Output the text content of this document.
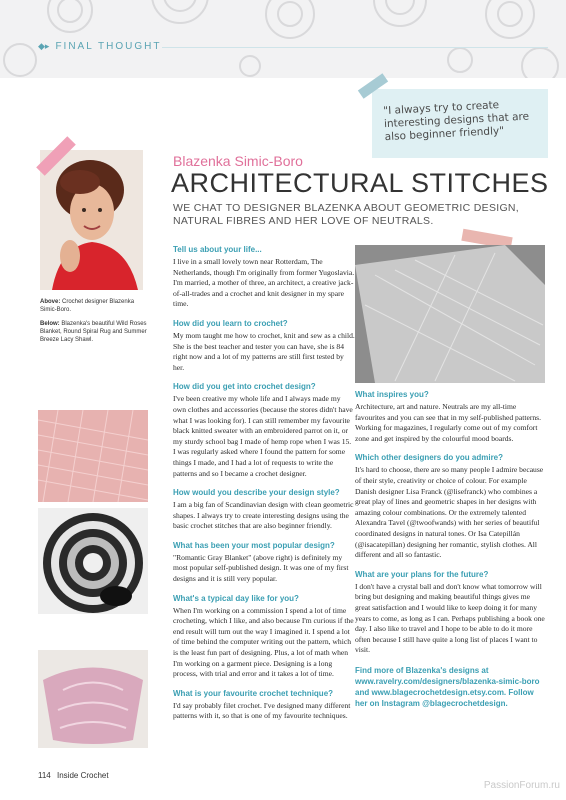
◆▸ FINAL THOUGHT
"I always try to create interesting designs that are also beginner friendly"
Above: Crochet designer Blazenka Simic-Boro.
Below: Blazenka's beautiful Wild Roses Blanket, Round Spiral Rug and Summer Breeze Lacy Shawl.
Blazenka Simic-Boro
ARCHITECTURAL STITCHES
WE CHAT TO DESIGNER BLAZENKA ABOUT GEOMETRIC DESIGN, NATURAL FIBRES AND HER LOVE OF NEUTRALS.

Tell us about your life...

I live in a small lovely town near Rotterdam, The Netherlands, though I'm originally from former Yugoslavia. I'm married, a mother of three, an architect, a creative jack-of-all-trades and a crochet and knit designer in my spare time.

How did you learn to crochet?

My mom taught me how to crochet, knit and sew as a child. She is the best teacher and tester you can have, she is 84 right now and a lot of my patterns are still first tested by her.

How did you get into crochet design?

I've been creative my whole life and I always made my own clothes and accessories (because the stores didn't have what I was looking for). I can still remember my favourite black knitted sweater with an embroidered parrot on it, or my sturdy school bag I made of hemp rope when I was 15. I was regularly asked where I found the pattern for some things I made, and I had a lot of requests to write the patterns and so I became a crochet designer.

How would you describe your design style?

I am a big fan of Scandinavian design with clean geometric shapes. I always try to create interesting designs using the basic crochet stitches that are also beginner friendly.

What has been your most popular design?

"Romantic Gray Blanket" (above right) is definitely my most popular self-published design. It was one of my first designs and it is still very popular.

What's a typical day like for you?

When I'm working on a commission I spend a lot of time crocheting, which I like, and also because I'm curious if the end result will turn out the way I imagined it. I spend a lot of time behind the computer writing out the pattern, which is the least fun part of designing. Plus, a lot of math when I'm working on a garment piece. Designing is a long process, with trial and error and it takes a lot of time.

What is your favourite crochet technique?

I'd say probably filet crochet. I've designed many different patterns with it, so that is one of my favourite techniques.

What inspires you?

Architecture, art and nature. Neutrals are my all-time favourites and you can see that in my self-published patterns. Working for magazines, I regularly come out of my comfort zone and get inspired by the colourful mood boards.

Which other designers do you admire?

It's hard to choose, there are so many people I admire because of their style, creativity or choice of colour. For example Danish designer Lisa Franck (@lisefranck) who combines a great play of lines and geometric shapes in her designs with amazing colour combinations. Or the extremely talented Alexandra Tavel (@twoofwands) with her series of beautiful coordinated designs in natural tones. Or Isa Catepillán (@isacatepillan) designing her romantic, stylish clothes. All different and all so fantastic.

What are your plans for the future?

I don't have a crystal ball and don't know what tomorrow will bring but designing and making beautiful things gives me great satisfaction and I would like to keep doing it for many years to come, as long as I can. Perhaps publishing a book one day. I also like to travel and I hope to be able to do it more often because I still have quite a long list of places I want to visit.

Find more of Blazenka's designs at www.ravelry.com/designers/blazenka-simic-boro and www.blagecrochetdesign.etsy.com. Follow her on Instagram @blagecrochetdesign.

114 Inside Crochet
PassionForum.ru
